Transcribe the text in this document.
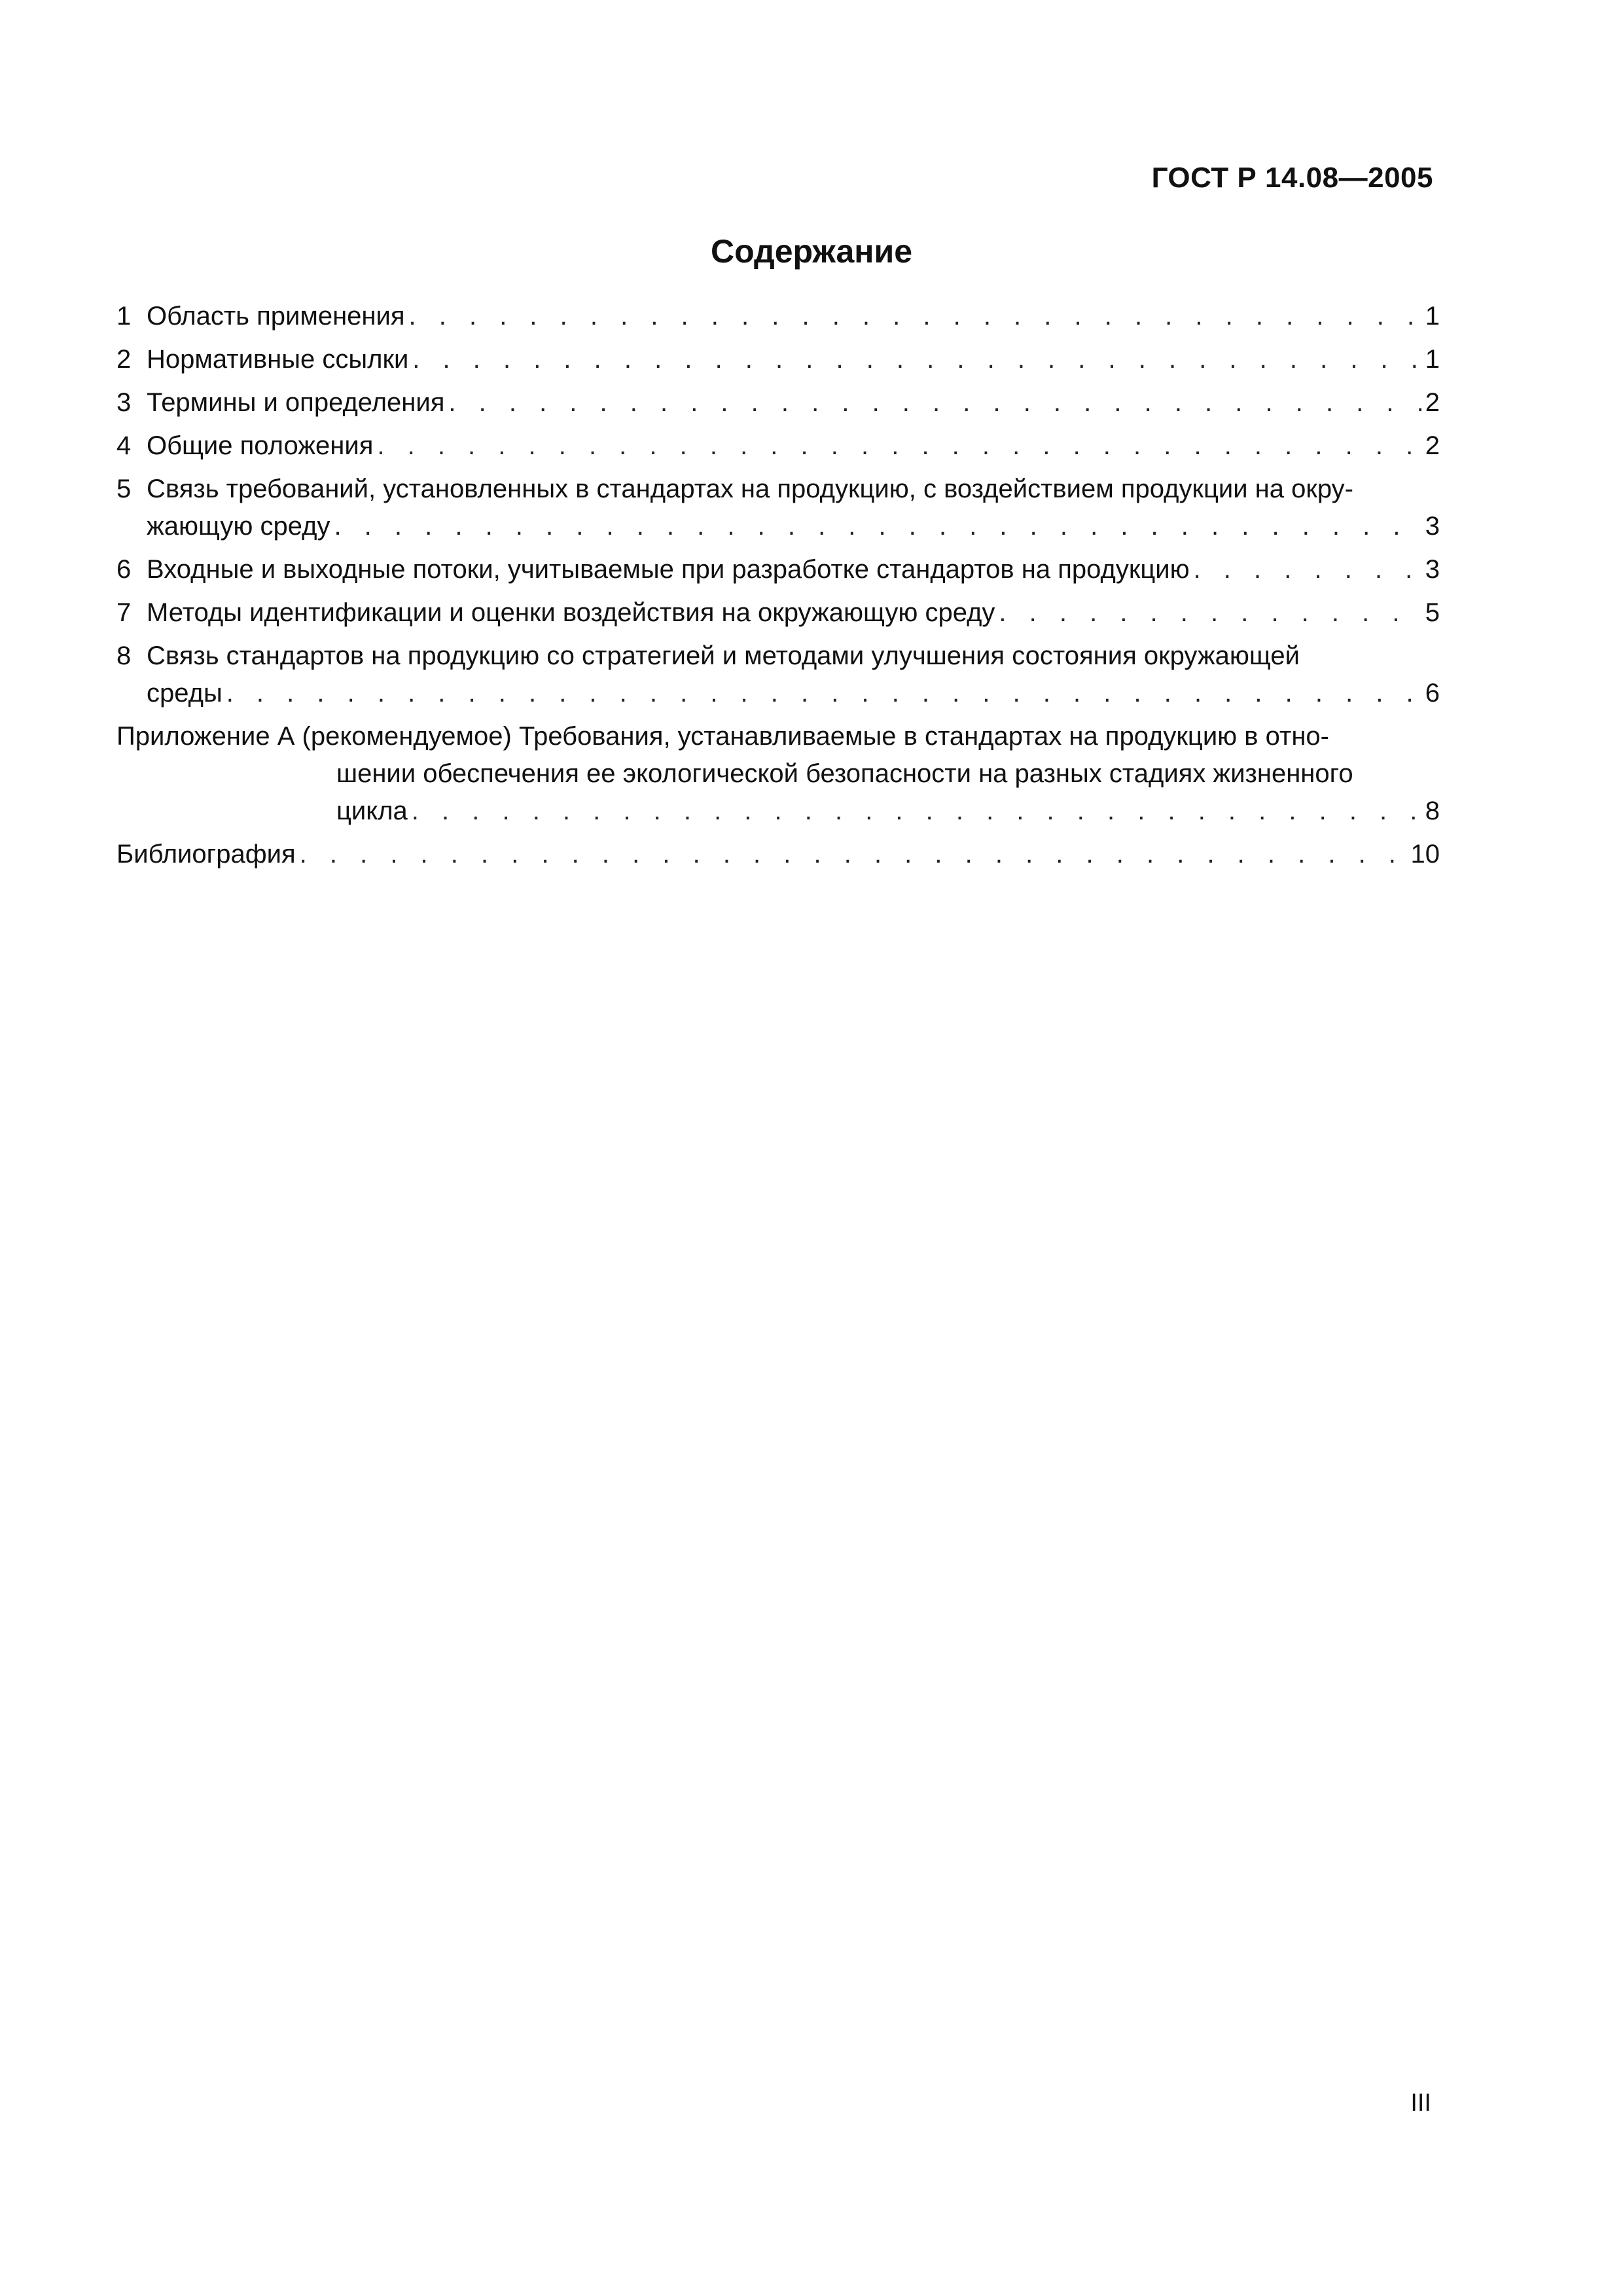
ГОСТ Р 14.08—2005
Содержание
1 Область применения . . .	1
2 Нормативные ссылки . . .	1
3 Термины и определения . . .	2
4 Общие положения . . .	2
5 Связь требований, установленных в стандартах на продукцию, с воздействием продукции на окру-
жающую среду . . .	3
6 Входные и выходные потоки, учитываемые при разработке стандартов на продукцию . . .	3
7 Методы идентификации и оценки воздействия на окружающую среду . . .	5
8 Связь стандартов на продукцию со стратегией и методами улучшения состояния окружающей
среды . . .	6
Приложение А (рекомендуемое) Требования, устанавливаемые в стандартах на продукцию в отно-
шении обеспечения ее экологической безопасности на разных стадиях жизненного
цикла . . .	8
Библиография . . .	10
III
